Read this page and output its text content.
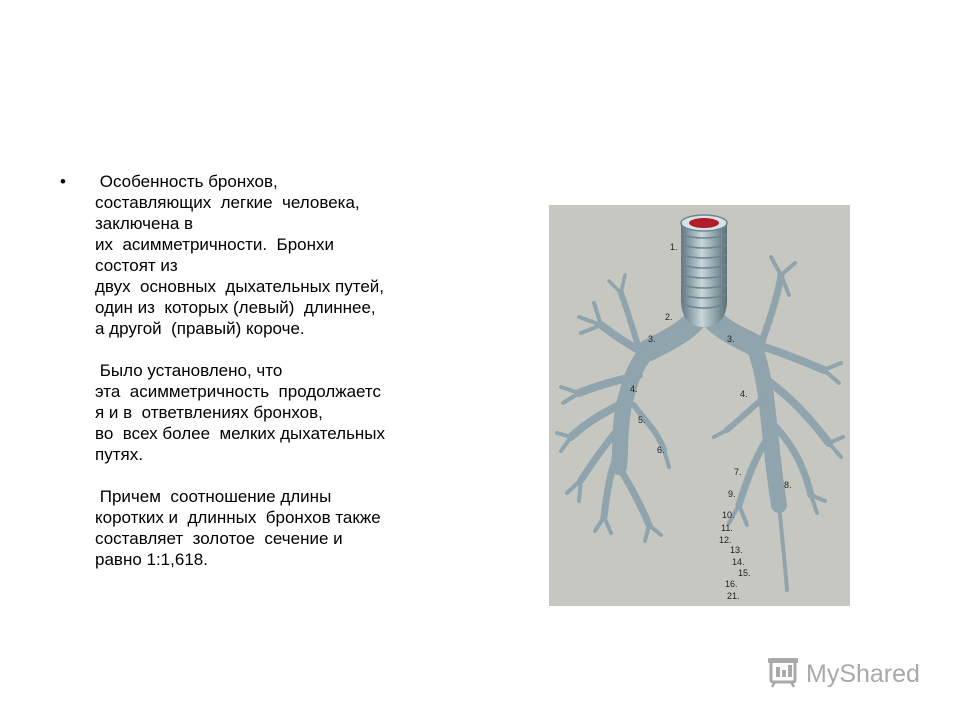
• Особенность бронхов,

составляющих  легкие  человека,

заключена в

их  асимметричности.  Бронхи

состоят из

двух  основных  дыхательных путей,

один из  которых (левый)  длиннее,

а другой  (правый) короче.

Было установлено, что

эта  асимметричность  продолжаетс

я и в  ответвлениях бронхов,

во  всех более  мелких дыхательных

путях.

Причем  соотношение длины

коротких и  длинных  бронхов также

составляет  золотое  сечение и

равно 1:1,618.

1.
2.
3.	3.
4.	4.
5.
6.
7.
8.
9.
10.
11.
12.
13.
14.
15.
16.
21.
MyShared
